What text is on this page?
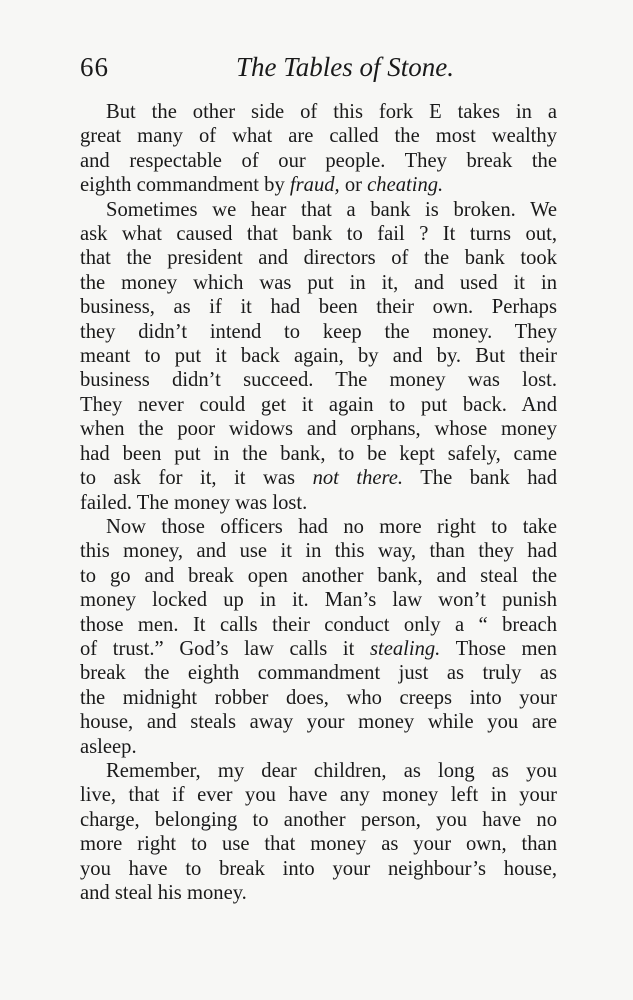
66	The Tables of Stone.
But the other side of this fork E takes in a
great many of what are called the most wealthy
and respectable of our people. They break the
eighth commandment by fraud, or cheating.
Sometimes we hear that a bank is broken. We
ask what caused that bank to fail ? It turns out,
that the president and directors of the bank took
the money which was put in it, and used it in
business, as if it had been their own. Perhaps
they didn’t intend to keep the money. They
meant to put it back again, by and by. But their
business didn’t succeed. The money was lost.
They never could get it again to put back. And
when the poor widows and orphans, whose money
had been put in the bank, to be kept safely, came
to ask for it, it was not there. The bank had
failed. The money was lost.
Now those officers had no more right to take
this money, and use it in this way, than they had
to go and break open another bank, and steal the
money locked up in it. Man’s law won’t punish
those men. It calls their conduct only a “ breach
of trust.” God’s law calls it stealing. Those men
break the eighth commandment just as truly as
the midnight robber does, who creeps into your
house, and steals away your money while you are
asleep.
Remember, my dear children, as long as you
live, that if ever you have any money left in your
charge, belonging to another person, you have no
more right to use that money as your own, than
you have to break into your neighbour’s house,
and steal his money.
